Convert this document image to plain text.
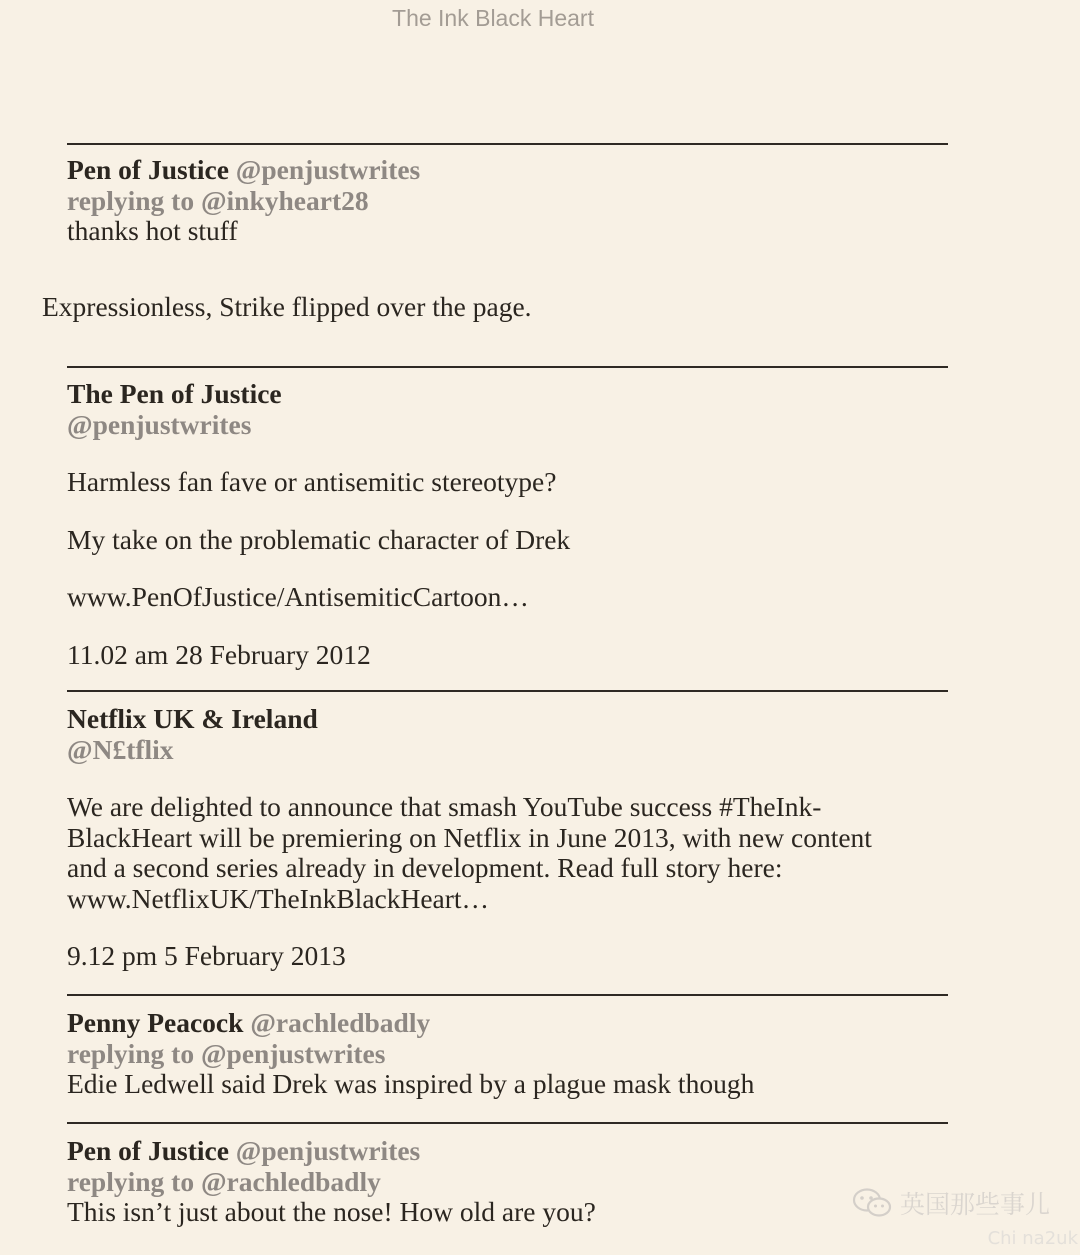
The Ink Black Heart
Pen of Justice @penjustwrites
replying to @inkyheart28
thanks hot stuff
Expressionless, Strike flipped over the page.
The Pen of Justice
@penjustwrites
Harmless fan fave or antisemitic stereotype?
My take on the problematic character of Drek
www.PenOfJustice/AntisemiticCartoon…
11.02 am 28 February 2012
Netflix UK & Ireland
@N£tflix
We are delighted to announce that smash YouTube success #TheInk-
BlackHeart will be premiering on Netflix in June 2013, with new content
and a second series already in development. Read full story here:
www.NetflixUK/TheInkBlackHeart…
9.12 pm 5 February 2013
Penny Peacock @rachledbadly
replying to @penjustwrites
Edie Ledwell said Drek was inspired by a plague mask though
Pen of Justice @penjustwrites
replying to @rachledbadly
This isn’t just about the nose! How old are you?	英国那些事儿
Chi na2uk
